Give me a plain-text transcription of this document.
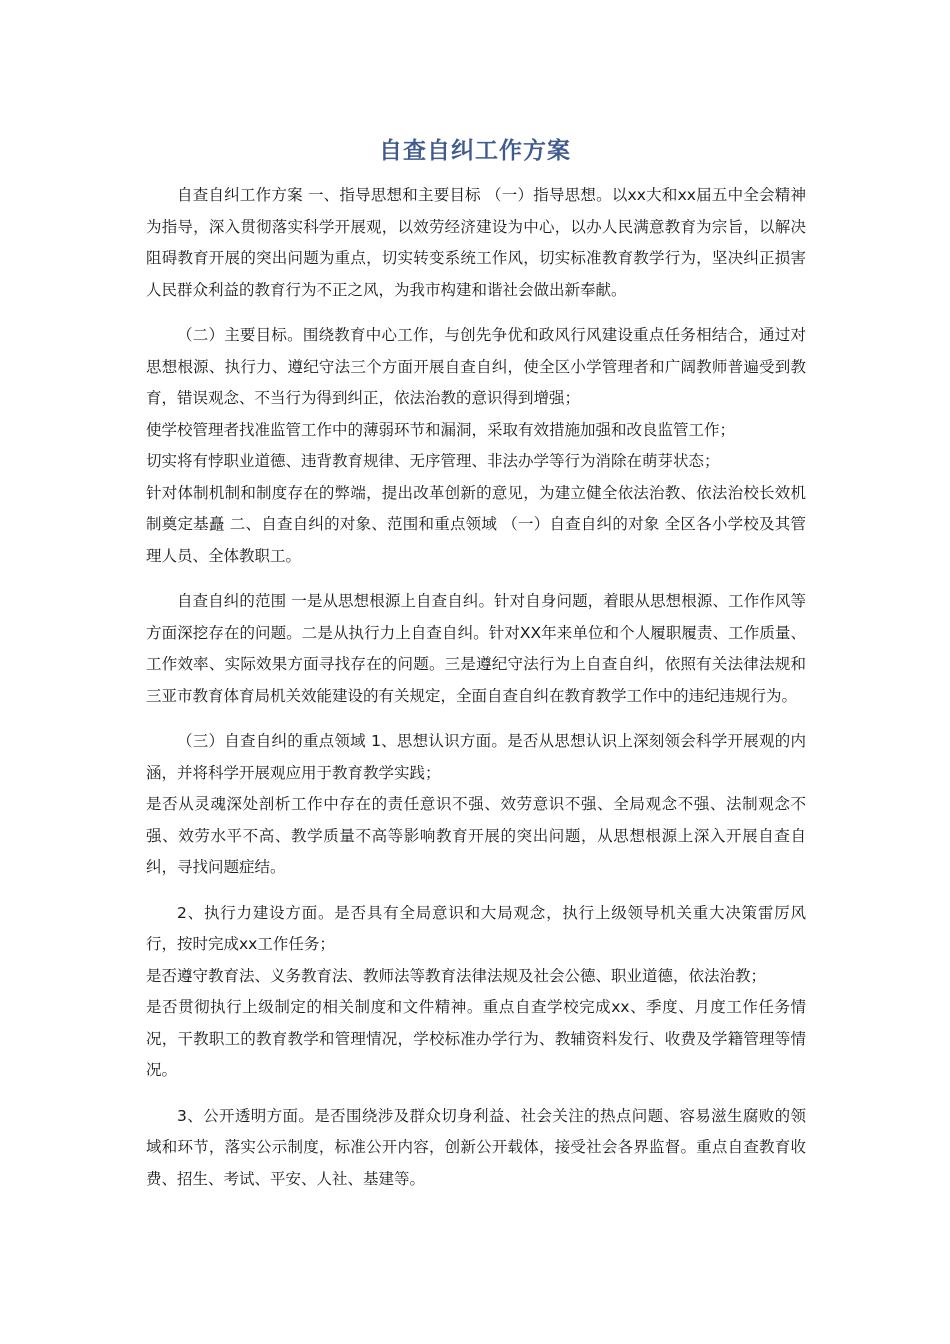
自查自纠工作方案

自查自纠工作方案 一、指导思想和主要目标 （一）指导思想。以xx大和xx届五中全会精神为指导，深入贯彻落实科学开展观，以效劳经济建设为中心，以办人民满意教育为宗旨，以解决阻碍教育开展的突出问题为重点，切实转变系统工作风，切实标准教育教学行为，坚决纠正损害人民群众利益的教育行为不正之风，为我市构建和谐社会做出新奉献。

（二）主要目标。围绕教育中心工作，与创先争优和政风行风建设重点任务相结合，通过对思想根源、执行力、遵纪守法三个方面开展自查自纠，使全区小学管理者和广阔教师普遍受到教育，错误观念、不当行为得到纠正，依法治教的意识得到增强；

使学校管理者找准监管工作中的薄弱环节和漏洞，采取有效措施加强和改良监管工作；

切实将有悖职业道德、违背教育规律、无序管理、非法办学等行为消除在萌芽状态；

针对体制机制和制度存在的弊端，提出改革创新的意见，为建立健全依法治教、依法治校长效机制奠定基矗 二、自查自纠的对象、范围和重点领域 （一）自查自纠的对象 全区各小学校及其管理人员、全体教职工。

自查自纠的范围 一是从思想根源上自查自纠。针对自身问题，着眼从思想根源、工作作风等方面深挖存在的问题。二是从执行力上自查自纠。针对XX年来单位和个人履职履责、工作质量、工作效率、实际效果方面寻找存在的问题。三是遵纪守法行为上自查自纠，依照有关法律法规和三亚市教育体育局机关效能建设的有关规定，全面自查自纠在教育教学工作中的违纪违规行为。

（三）自查自纠的重点领域 1、思想认识方面。是否从思想认识上深刻领会科学开展观的内涵，并将科学开展观应用于教育教学实践；

是否从灵魂深处剖析工作中存在的责任意识不强、效劳意识不强、全局观念不强、法制观念不强、效劳水平不高、教学质量不高等影响教育开展的突出问题，从思想根源上深入开展自查自纠，寻找问题症结。

2、执行力建设方面。是否具有全局意识和大局观念，执行上级领导机关重大决策雷厉风行，按时完成xx工作任务；

是否遵守教育法、义务教育法、教师法等教育法律法规及社会公德、职业道德，依法治教；

是否贯彻执行上级制定的相关制度和文件精神。重点自查学校完成xx、季度、月度工作任务情况，干教职工的教育教学和管理情况，学校标准办学行为、教辅资料发行、收费及学籍管理等情况。

3、公开透明方面。是否围绕涉及群众切身利益、社会关注的热点问题、容易滋生腐败的领域和环节，落实公示制度，标准公开内容，创新公开载体，接受社会各界监督。重点自查教育收费、招生、考试、平安、人社、基建等。
